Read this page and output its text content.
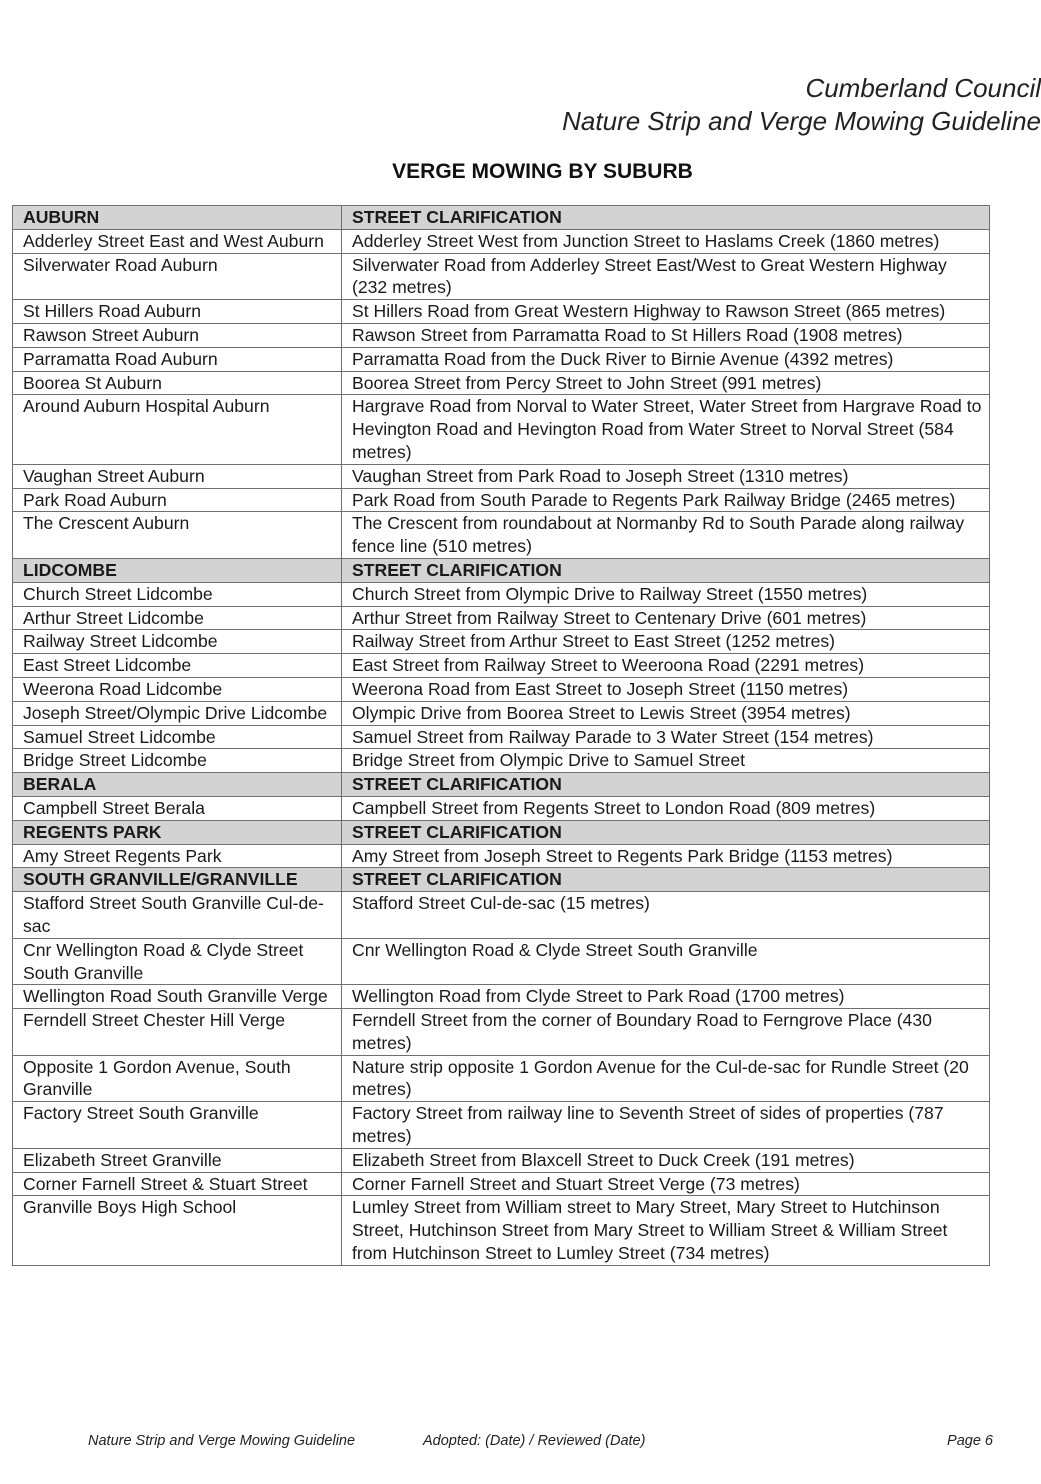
Cumberland Council
Nature Strip and Verge Mowing Guideline
VERGE MOWING BY SUBURB
AUBURN	STREET CLARIFICATION
Adderley Street East and West Auburn	Adderley Street West from Junction Street to Haslams Creek (1860 metres)
Silverwater Road Auburn	Silverwater Road from Adderley Street East/West to Great Western Highway (232 metres)
St Hillers Road Auburn	St Hillers Road from Great Western Highway to Rawson Street (865 metres)
Rawson Street Auburn	Rawson Street from Parramatta Road to St Hillers Road (1908 metres)
Parramatta Road Auburn	Parramatta Road from the Duck River to Birnie Avenue (4392 metres)
Boorea St Auburn	Boorea Street from Percy Street to John Street (991 metres)
Around Auburn Hospital Auburn	Hargrave Road from Norval to Water Street, Water Street from Hargrave Road to Hevington Road and Hevington Road from Water Street to Norval Street (584 metres)
Vaughan Street Auburn	Vaughan Street from Park Road to Joseph Street (1310 metres)
Park Road Auburn	Park Road from South Parade to Regents Park Railway Bridge (2465 metres)
The Crescent Auburn	The Crescent from roundabout at Normanby Rd to South Parade along railway fence line (510 metres)
LIDCOMBE	STREET CLARIFICATION
Church Street Lidcombe	Church Street from Olympic Drive to Railway Street (1550 metres)
Arthur Street Lidcombe	Arthur Street from Railway Street to Centenary Drive (601 metres)
Railway Street Lidcombe	Railway Street from Arthur Street to East Street (1252 metres)
East Street Lidcombe	East Street from Railway Street to Weeroona Road (2291 metres)
Weerona Road Lidcombe	Weerona Road from East Street to Joseph Street (1150 metres)
Joseph Street/Olympic Drive Lidcombe	Olympic Drive from Boorea Street to Lewis Street (3954 metres)
Samuel Street Lidcombe	Samuel Street from Railway Parade to 3 Water Street (154 metres)
Bridge Street Lidcombe	Bridge Street from Olympic Drive to Samuel Street
BERALA	STREET CLARIFICATION
Campbell Street Berala	Campbell Street from Regents Street to London Road (809 metres)
REGENTS PARK	STREET CLARIFICATION
Amy Street Regents Park	Amy Street from Joseph Street to Regents Park Bridge (1153 metres)
SOUTH GRANVILLE/GRANVILLE	STREET CLARIFICATION
Stafford Street South Granville Cul-de-sac	Stafford Street Cul-de-sac (15 metres)
Cnr Wellington Road & Clyde Street South Granville	Cnr Wellington Road & Clyde Street South Granville
Wellington Road South Granville Verge	Wellington Road from Clyde Street to Park Road (1700 metres)
Ferndell Street Chester Hill Verge	Ferndell Street from the corner of Boundary Road to Ferngrove Place (430 metres)
Opposite 1 Gordon Avenue, South Granville	Nature strip opposite 1 Gordon Avenue for the Cul-de-sac for Rundle Street (20 metres)
Factory Street South Granville	Factory Street from railway line to Seventh Street of sides of properties (787 metres)
Elizabeth Street Granville	Elizabeth Street from Blaxcell Street to Duck Creek (191 metres)
Corner Farnell Street & Stuart Street	Corner Farnell Street and Stuart Street Verge (73 metres)
Granville Boys High School	Lumley Street from William street to Mary Street, Mary Street to Hutchinson Street, Hutchinson Street from Mary Street to William Street & William Street from Hutchinson Street to Lumley Street (734 metres)
Nature Strip and Verge Mowing Guideline	Adopted: (Date) / Reviewed (Date)	Page 6
